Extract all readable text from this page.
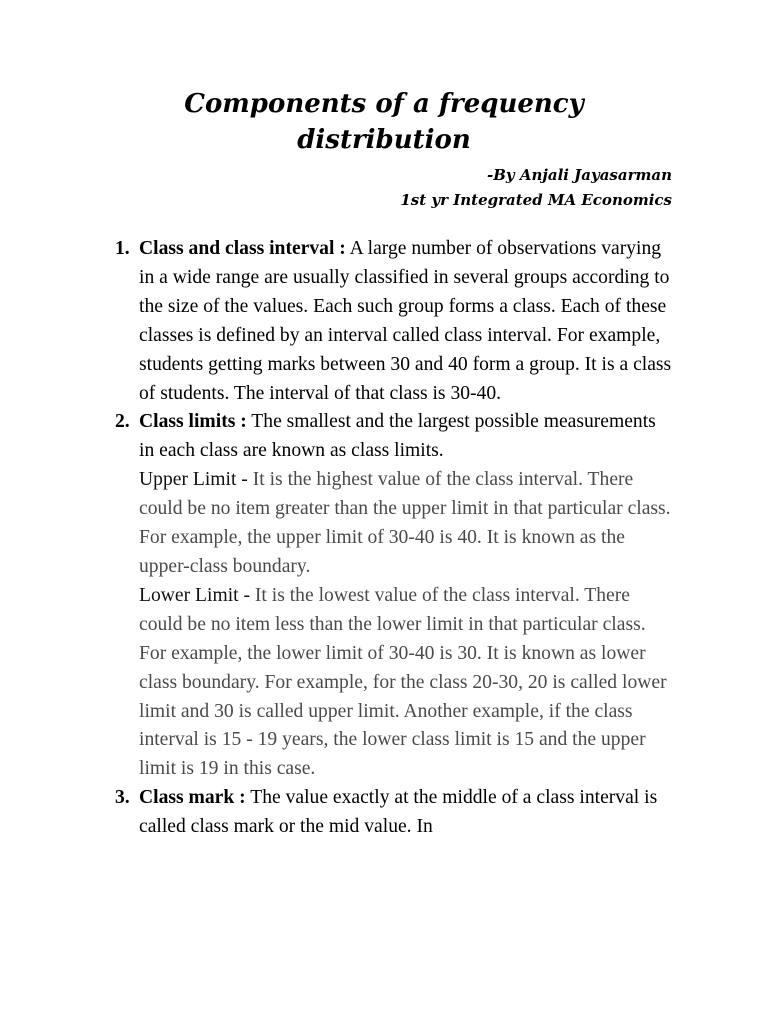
Components of a frequency
distribution
-By Anjali Jayasarman
1st yr Integrated MA Economics
1. Class and class interval : A large number of observations varying in a wide range are usually classified in several groups according to the size of the values. Each such group forms a class. Each of these classes is defined by an interval called class interval. For example, students getting marks between 30 and 40 form a group. It is a class of students. The interval of that class is 30-40.
2. Class limits : The smallest and the largest possible measurements in each class are known as class limits.
Upper Limit - It is the highest value of the class interval. There could be no item greater than the upper limit in that particular class. For example, the upper limit of 30-40 is 40. It is known as the upper-class boundary.
Lower Limit - It is the lowest value of the class interval. There could be no item less than the lower limit in that particular class. For example, the lower limit of 30-40 is 30. It is known as lower class boundary. For example, for the class 20-30, 20 is called lower limit and 30 is called upper limit. Another example, if the class interval is 15 - 19 years, the lower class limit is 15 and the upper limit is 19 in this case.
3. Class mark : The value exactly at the middle of a class interval is called class mark or the mid value. In
